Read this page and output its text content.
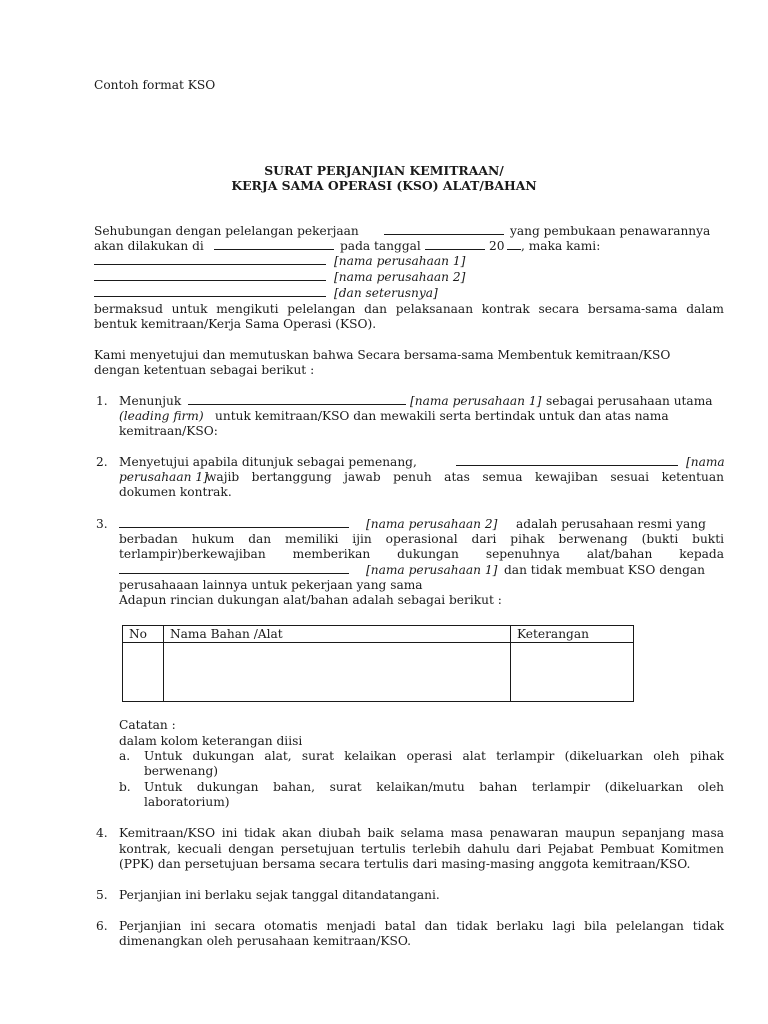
Contoh format KSO
SURAT PERJANJIAN KEMITRAAN/
KERJA SAMA OPERASI (KSO) ALAT/BAHAN
Sehubungan dengan pelelangan pekerjaan	yang pembukaan penawarannya
akan dilakukan di	pada tanggal	20 , maka kami:
[nama perusahaan 1]
[nama perusahaan 2]
[dan seterusnya]
bermaksud untuk mengikuti pelelangan dan pelaksanaan kontrak secara bersama-sama dalam
bentuk kemitraan/Kerja Sama Operasi (KSO).
Kami menyetujui dan memutuskan bahwa Secara bersama-sama Membentuk kemitraan/KSO
dengan ketentuan sebagai berikut :
1. Menunjuk	[nama perusahaan 1] sebagai perusahaan utama
(leading firm) untuk kemitraan/KSO dan mewakili serta bertindak untuk dan atas nama
kemitraan/KSO:
2. Menyetujui apabila ditunjuk sebagai pemenang,	[nama
perusahaan 1]
wajib bertanggung jawab penuh atas semua kewajiban sesuai ketentuan
dokumen kontrak.
3.	[nama perusahaan 2] adalah perusahaan resmi yang
berbadan hukum dan memiliki ijin operasional dari pihak berwenang (bukti bukti
terlampir)berkewajiban memberikan dukungan sepenuhnya alat/bahan kepada
[nama perusahaan 1] dan tidak membuat KSO dengan
perusahaaan lainnya untuk pekerjaan yang sama
Adapun rincian dukungan alat/bahan adalah sebagai berikut :
No	Nama Bahan /Alat	Keterangan

Catatan :
dalam kolom keterangan diisi
a. Untuk dukungan alat, surat kelaikan operasi alat terlampir (dikeluarkan oleh pihak
berwenang)
b. Untuk dukungan bahan, surat kelaikan/mutu bahan terlampir (dikeluarkan oleh
laboratorium)
4. Kemitraan/KSO ini tidak akan diubah baik selama masa penawaran maupun sepanjang masa
kontrak, kecuali dengan persetujuan tertulis terlebih dahulu dari Pejabat Pembuat Komitmen
(PPK) dan persetujuan bersama secara tertulis dari masing-masing anggota kemitraan/KSO.
5. Perjanjian ini berlaku sejak tanggal ditandatangani.
6. Perjanjian ini secara otomatis menjadi batal dan tidak berlaku lagi bila pelelangan tidak
dimenangkan oleh perusahaan kemitraan/KSO.
